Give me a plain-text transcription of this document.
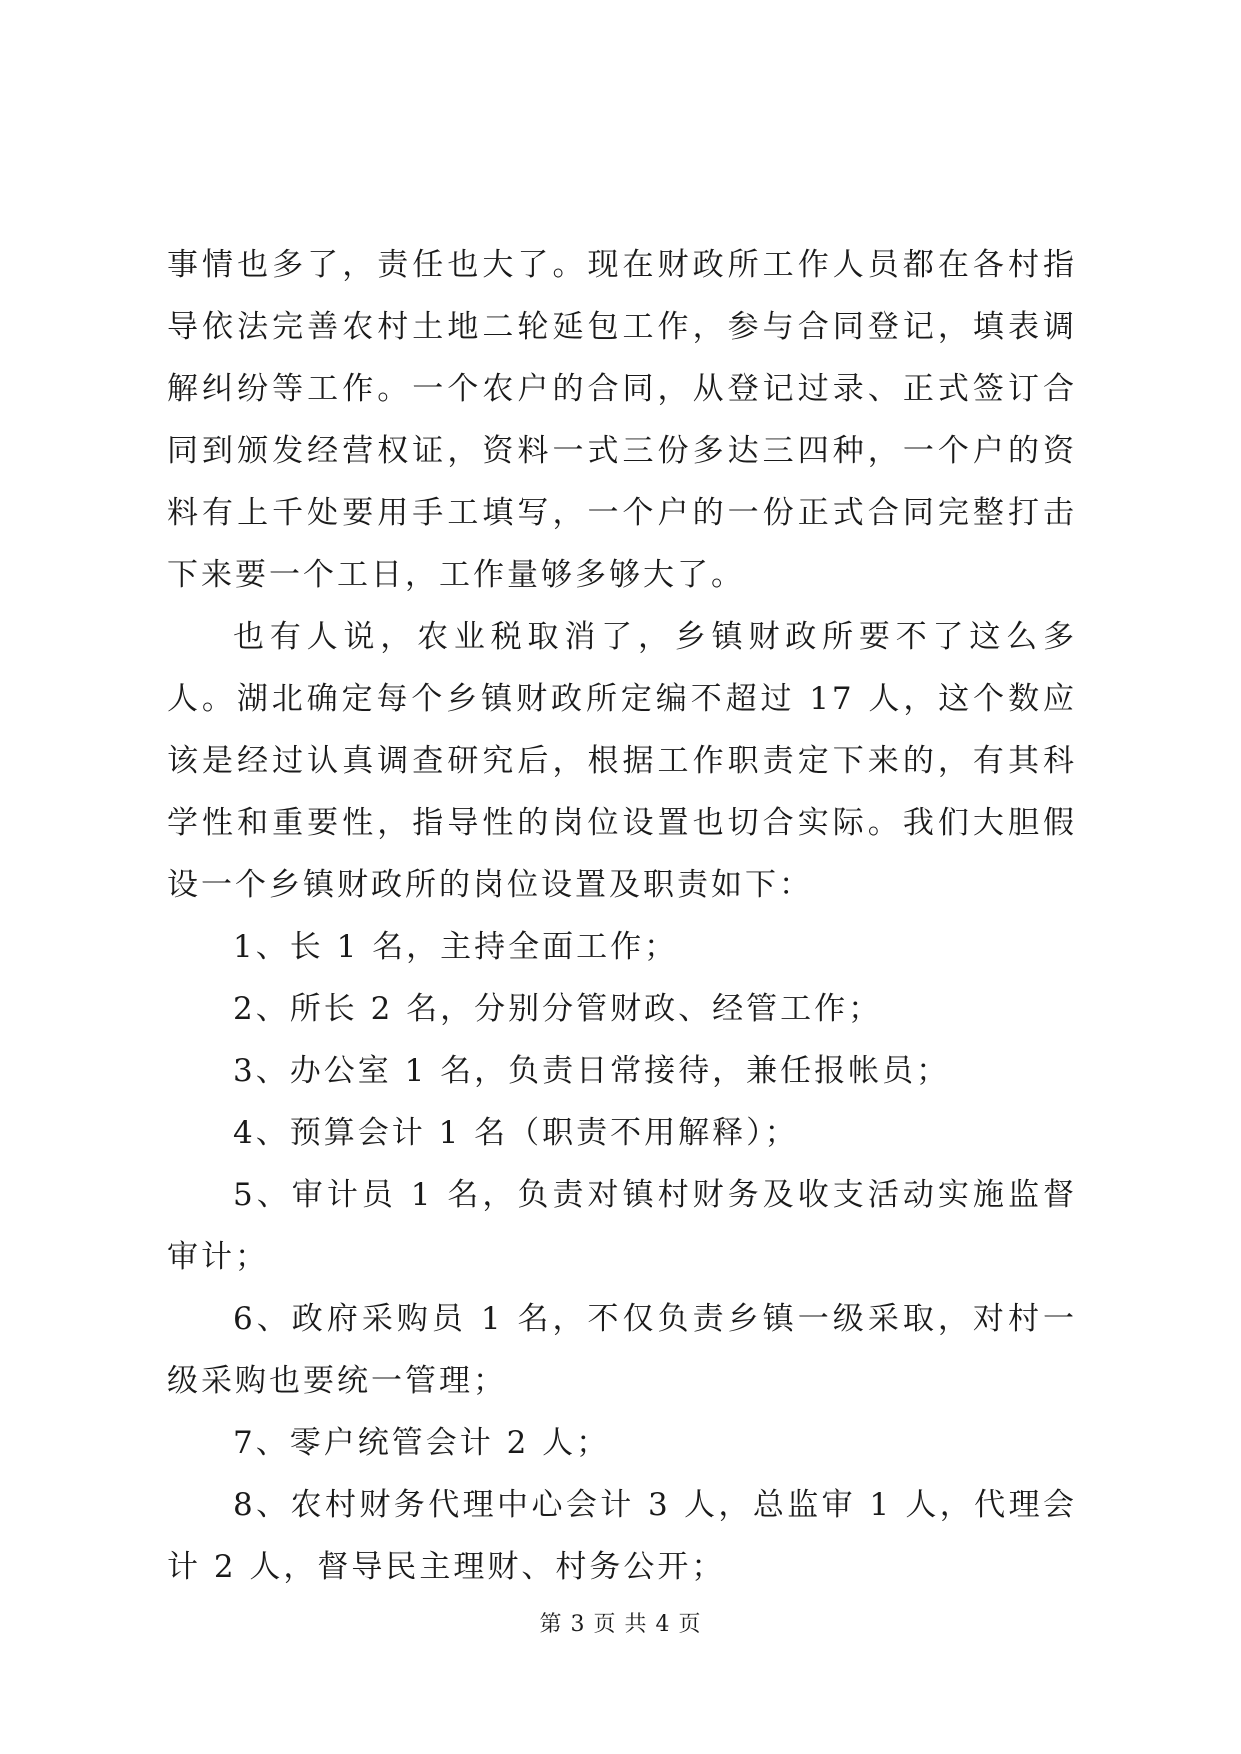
事情也多了，责任也大了。现在财政所工作人员都在各村指导依法完善农村土地二轮延包工作，参与合同登记，填表调解纠纷等工作。一个农户的合同，从登记过录、正式签订合同到颁发经营权证，资料一式三份多达三四种，一个户的资料有上千处要用手工填写，一个户的一份正式合同完整打击下来要一个工日，工作量够多够大了。

也有人说，农业税取消了，乡镇财政所要不了这么多人。湖北确定每个乡镇财政所定编不超过 17 人，这个数应该是经过认真调查研究后，根据工作职责定下来的，有其科学性和重要性，指导性的岗位设置也切合实际。我们大胆假设一个乡镇财政所的岗位设置及职责如下：

1、长 1 名，主持全面工作；

2、所长 2 名，分别分管财政、经管工作；

3、办公室 1 名，负责日常接待，兼任报帐员；

4、预算会计 1 名（职责不用解释）；

5、审计员 1 名，负责对镇村财务及收支活动实施监督审计；

6、政府采购员 1 名，不仅负责乡镇一级采取，对村一级采购也要统一管理；

7、零户统管会计 2 人；

8、农村财务代理中心会计 3 人，总监审 1 人，代理会计 2 人，督导民主理财、村务公开；

第 3 页 共 4 页
